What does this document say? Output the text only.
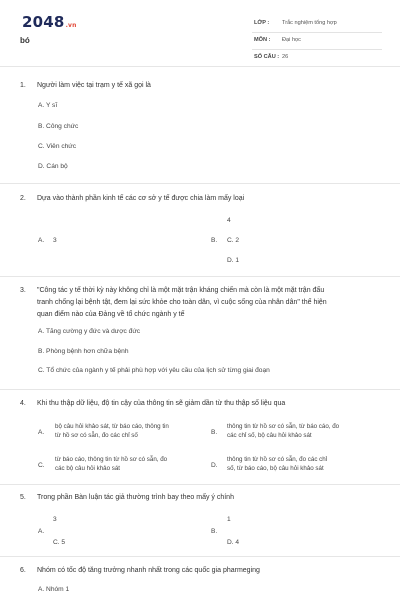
2048.vn
bó
LỚP : Trắc nghiệm tổng hợp
MÔN : Đại học
SỐ CÂU : 26
1. Người làm việc tại trạm y tế xã gọi là
A. Y sĩ
B. Công chức
C. Viên chức
D. Cán bộ
2. Dựa vào thành phần kinh tế các cơ sở y tế được chia làm mấy loại
A. 3
4
B. C. 2
D. 1
3. "Công tác y tế thời kỳ này không chỉ là một mặt trận kháng chiến mà còn là một mặt trận đấu
tranh chống lại bệnh tật, đem lại sức khỏe cho toàn dân, vì cuộc sống của nhân dân" thể hiện
quan điểm nào của Đảng về tổ chức ngành y tế
A. Tăng cường y đức và dược đức
B. Phòng bệnh hơn chữa bệnh
C. Tổ chức của ngành y tế phải phù hợp với yêu cầu của lịch sử từng giai đoạn
4. Khi thu thập dữ liệu, độ tin cậy của thông tin sẽ giảm dần từ thu thập số liệu qua
A.
bộ câu hỏi khảo sát, từ báo cáo, thông tin
từ hồ sơ có sẵn, đo các chỉ số	B.
thông tin từ hồ sơ có sẵn, từ báo cáo, đo
các chỉ số, bộ câu hỏi khảo sát
C.
từ báo cáo, thông tin từ hồ sơ có sẵn, đo
các bộ câu hỏi khảo sát	D.
thông tin từ hồ sơ có sẵn, đo các chỉ
số, từ báo cáo, bộ câu hỏi khảo sát
5. Trong phần Bàn luận tác giả thường trình bay theo mấy ý chính
3
A.
C. 5
1
B.
D. 4
6. Nhóm có tốc độ tăng trưởng nhanh nhất trong các quốc gia pharmeging
A. Nhóm 1
